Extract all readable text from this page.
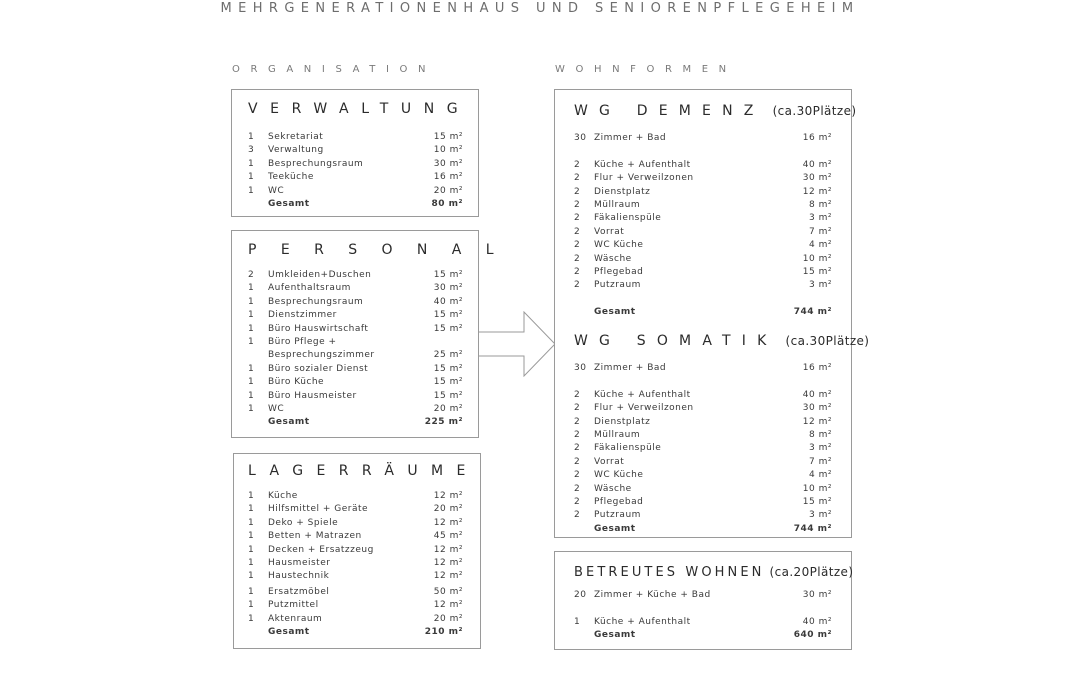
MEHRGENERATIONENHAUS UND SENIORENPFLEGEHEIM
ORGANISATION	WOHNFORMEN
VERWALTUNG
1 Sekretariat	15 m²
3 Verwaltung	10 m²
1 Besprechungsraum	30 m²
1 Teeküche	16 m²
1 WC	20 m²
Gesamt	80 m²
PERSONAL
2 Umkleiden+Duschen	15 m²
1 Aufenthaltsraum	30 m²
1 Besprechungsraum	40 m²
1 Dienstzimmer	15 m²
1 Büro Hauswirtschaft	15 m²
1 Büro Pflege +
Besprechungszimmer	25 m²
1 Büro sozialer Dienst	15 m²
1 Büro Küche	15 m²
1 Büro Hausmeister	15 m²
1 WC	20 m²
Gesamt	225 m²
LAGERRÄUME
1 Küche	12 m²
1 Hilfsmittel + Geräte	20 m²
1 Deko + Spiele	12 m²
1 Betten + Matrazen	45 m²
1 Decken + Ersatzzeug	12 m²
1 Hausmeister	12 m²
1 Haustechnik	12 m²
1 Ersatzmöbel	50 m²
1 Putzmittel	12 m²
1 Aktenraum	20 m²
Gesamt	210 m²
WG DEMENZ (ca.30Plätze)
30 Zimmer + Bad	16 m²
2 Küche + Aufenthalt	40 m²
2 Flur + Verweilzonen	30 m²
2 Dienstplatz	12 m²
2 Müllraum	8 m²
2 Fäkalienspüle	3 m²
2 Vorrat	7 m²
2 WC Küche	4 m²
2 Wäsche	10 m²
2 Pflegebad	15 m²
2 Putzraum	3 m²
Gesamt	744 m²
WG SOMATIK (ca.30Plätze)
30 Zimmer + Bad	16 m²
2 Küche + Aufenthalt	40 m²
2 Flur + Verweilzonen	30 m²
2 Dienstplatz	12 m²
2 Müllraum	8 m²
2 Fäkalienspüle	3 m²
2 Vorrat	7 m²
2 WC Küche	4 m²
2 Wäsche	10 m²
2 Pflegebad	15 m²
2 Putzraum	3 m²
Gesamt	744 m²
BETREUTES WOHNEN (ca.20Plätze)
20 Zimmer + Küche + Bad	30 m²
1 Küche + Aufenthalt	40 m²
Gesamt	640 m²
